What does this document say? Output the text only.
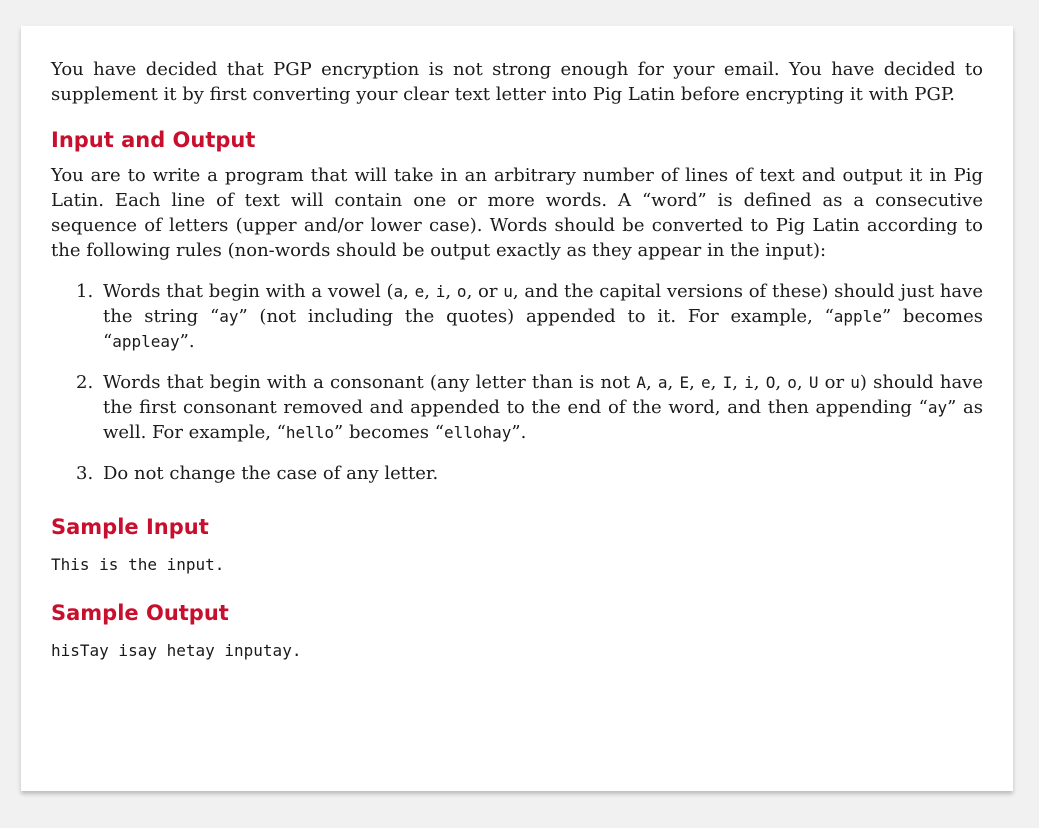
You have decided that PGP encryption is not strong enough for your email. You have decided to supplement it by first converting your clear text letter into Pig Latin before encrypting it with PGP.

Input and Output

You are to write a program that will take in an arbitrary number of lines of text and output it in Pig Latin. Each line of text will contain one or more words. A “word” is defined as a consecutive sequence of letters (upper and/or lower case). Words should be converted to Pig Latin according to the following rules (non-words should be output exactly as they appear in the input):

1. Words that begin with a vowel (a, e, i, o, or u, and the capital versions of these) should just have the string “ay” (not including the quotes) appended to it. For example, “apple” becomes “appleay”.
2. Words that begin with a consonant (any letter than is not A, a, E, e, I, i, O, o, U or u) should have the first consonant removed and appended to the end of the word, and then appending “ay” as well. For example, “hello” becomes “ellohay”.
3. Do not change the case of any letter.
Sample Input
This is the input.
Sample Output
hisTay isay hetay inputay.
